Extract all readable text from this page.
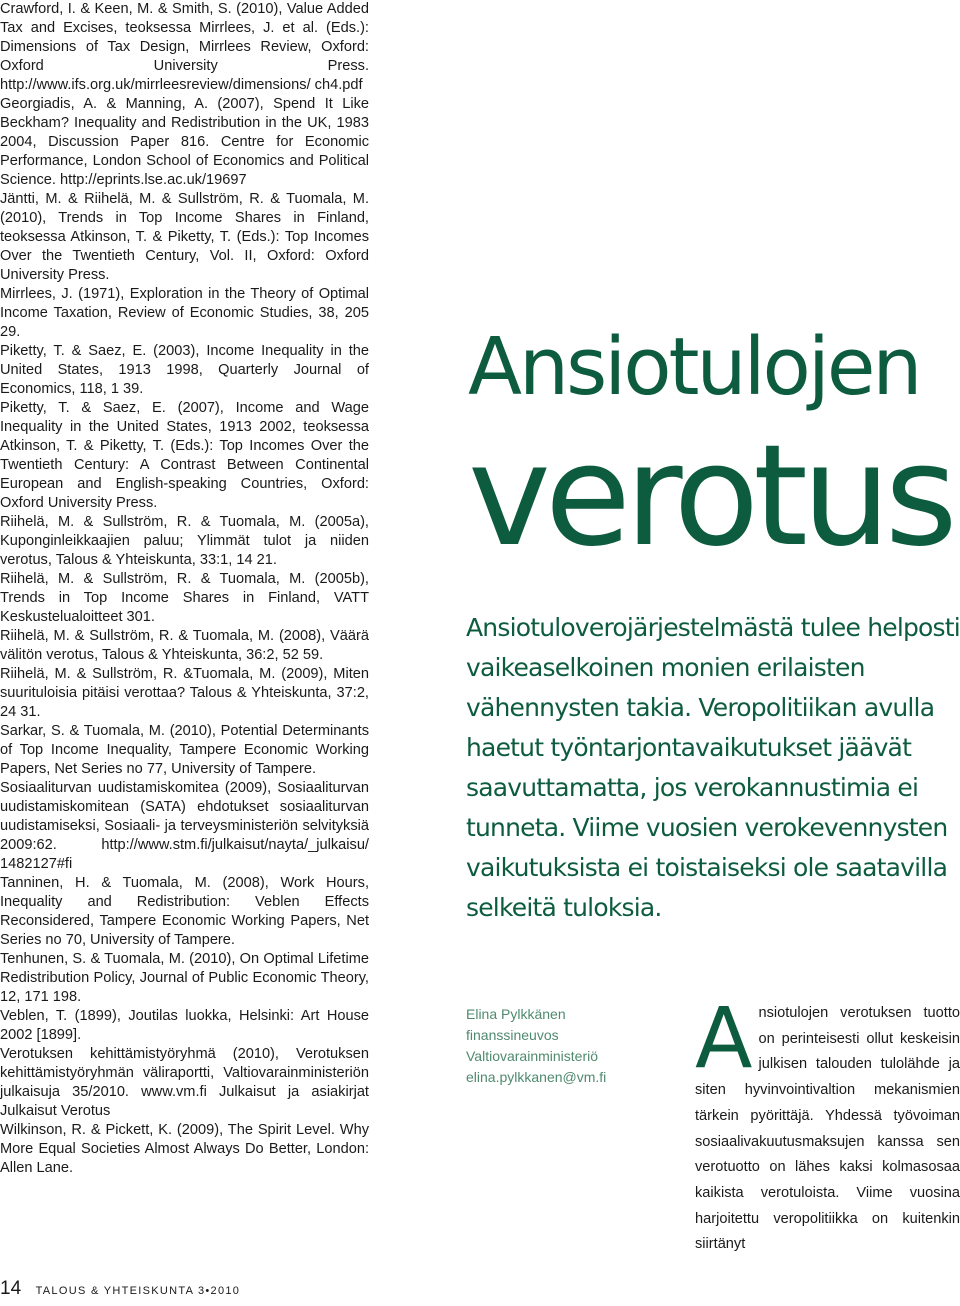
Crawford, I. & Keen, M. & Smith, S. (2010), Value Added Tax and Excises, teoksessa Mirrlees, J. et al. (Eds.): Dimensions of Tax Design, Mirrlees Review, Oxford: Oxford University Press. http://www.ifs.org.uk/mirrleesreview/dimensions/ ch4.pdf

Georgiadis, A. & Manning, A. (2007), Spend It Like Beckham? Inequality and Redistribution in the UK, 1983 2004, Discussion Paper 816. Centre for Economic Performance, London School of Economics and Political Science. http://eprints.lse.ac.uk/19697

Jäntti, M. & Riihelä, M. & Sullström, R. & Tuomala, M. (2010), Trends in Top Income Shares in Finland, teoksessa Atkinson, T. & Piketty, T. (Eds.): Top Incomes Over the Twentieth Century, Vol. II, Oxford: Oxford University Press.

Mirrlees, J. (1971), Exploration in the Theory of Optimal Income Taxation, Review of Economic Studies, 38, 205 29.

Piketty, T. & Saez, E. (2003), Income Inequality in the United States, 1913 1998, Quarterly Journal of Economics, 118, 1 39.

Piketty, T. & Saez, E. (2007), Income and Wage Inequality in the United States, 1913 2002, teoksessa Atkinson, T. & Piketty, T. (Eds.): Top Incomes Over the Twentieth Century: A Contrast Between Continental European and English-speaking Countries, Oxford: Oxford University Press.

Riihelä, M. & Sullström, R. & Tuomala, M. (2005a), Kuponginleikkaajien paluu; Ylimmät tulot ja niiden verotus, Talous & Yhteiskunta, 33:1, 14 21.

Riihelä, M. & Sullström, R. & Tuomala, M. (2005b), Trends in Top Income Shares in Finland, VATT Keskustelualoitteet 301.

Riihelä, M. & Sullström, R. & Tuomala, M. (2008), Väärä välitön verotus, Talous & Yhteiskunta, 36:2, 52 59.

Riihelä, M. & Sullström, R. &Tuomala, M. (2009), Miten suurituloisia pitäisi verottaa? Talous & Yhteiskunta, 37:2, 24 31.

Sarkar, S. & Tuomala, M. (2010), Potential Determinants of Top Income Inequality, Tampere Economic Working Papers, Net Series no 77, University of Tampere.

Sosiaaliturvan uudistamiskomitea (2009), Sosiaaliturvan uudistamiskomitean (SATA) ehdotukset sosiaaliturvan uudistamiseksi, Sosiaali- ja terveysministeriön selvityksiä 2009:62. http://www.stm.fi/julkaisut/nayta/_julkaisu/ 1482127#fi

Tanninen, H. & Tuomala, M. (2008), Work Hours, Inequality and Redistribution: Veblen Effects Reconsidered, Tampere Economic Working Papers, Net Series no 70, University of Tampere.

Tenhunen, S. & Tuomala, M. (2010), On Optimal Lifetime Redistribution Policy, Journal of Public Economic Theory, 12, 171 198.

Veblen, T. (1899), Joutilas luokka, Helsinki: Art House 2002 [1899].

Verotuksen kehittämistyöryhmä (2010), Verotuksen kehittämistyöryhmän väliraportti, Valtiovarainministeriön julkaisuja 35/2010. www.vm.fi Julkaisut ja asiakirjat Julkaisut Verotus

Wilkinson, R. & Pickett, K. (2009), The Spirit Level. Why More Equal Societies Almost Always Do Better, London: Allen Lane.

Ansiotulojen
verotus

Ansiotuloverojärjestelmästä tulee helposti vaikeaselkoinen monien erilaisten vähennysten takia. Veropolitiikan avulla haetut työntarjontavaikutukset jäävät saavuttamatta, jos verokannustimia ei tunneta. Viime vuosien verokevennysten vaikutuksista ei toistaiseksi ole saatavilla selkeitä tuloksia.

Elina Pylkkänen
finanssineuvos
Valtiovarainministeriö
elina.pylkkanen@vm.fi	A nsiotulojen verotuksen tuotto on perinteisesti ollut keskeisin julkisen talouden tulolähde ja siten hyvinvointivaltion mekanismien tärkein pyörittäjä. Yhdessä työvoiman sosiaalivakuutusmaksujen kanssa sen verotuotto on lähes kaksi kolmasosaa kaikista verotuloista. Viime vuosina harjoitettu veropolitiikka on kuitenkin siirtänyt
14 TALOUS & YHTEISKUNTA 3•2010
